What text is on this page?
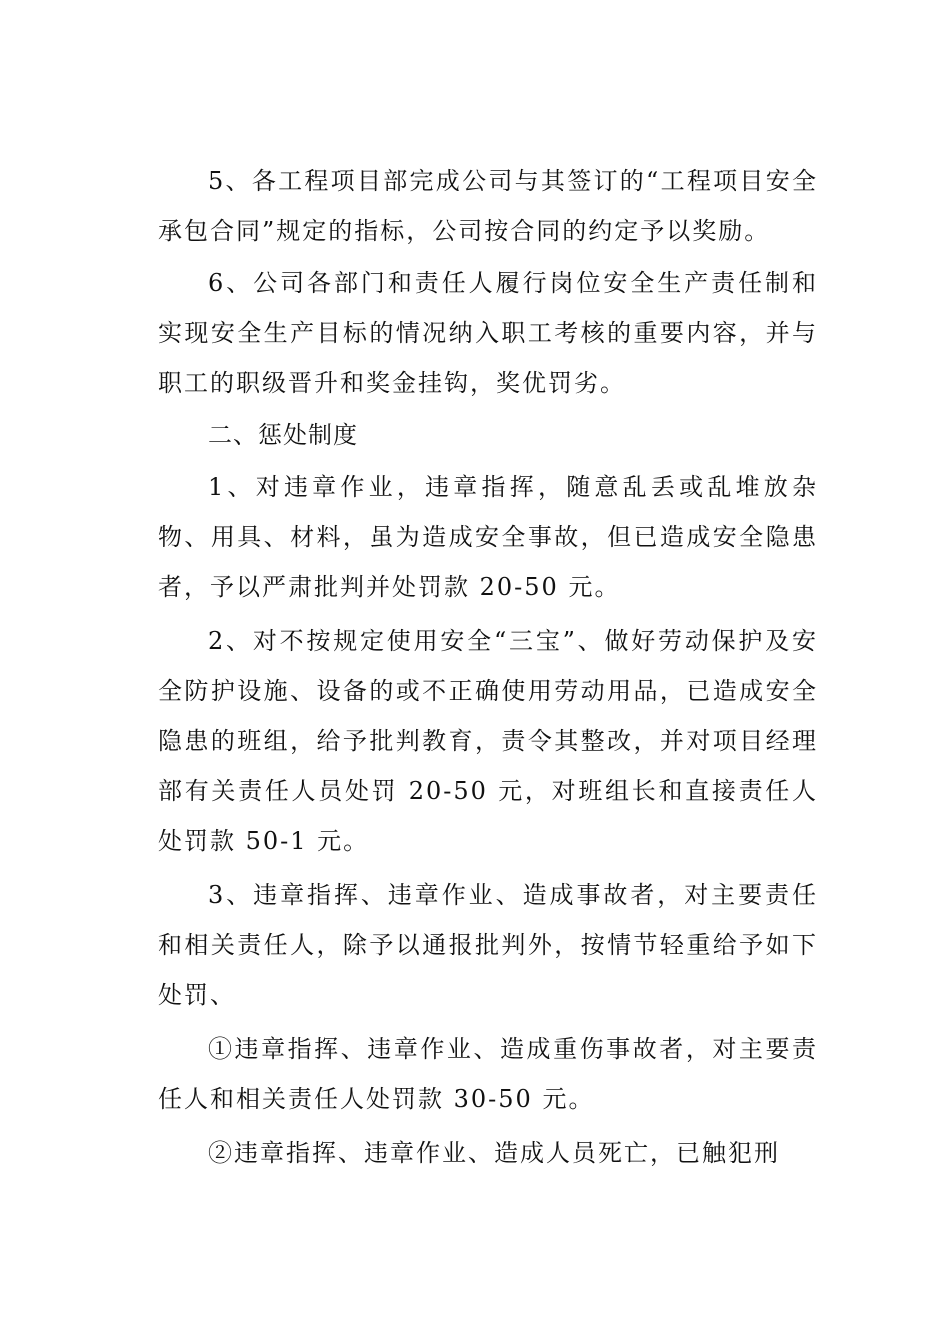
5、各工程项目部完成公司与其签订的“工程项目安全承包合同”规定的指标，公司按合同的约定予以奖励。

6、公司各部门和责任人履行岗位安全生产责任制和实现安全生产目标的情况纳入职工考核的重要内容，并与职工的职级晋升和奖金挂钩，奖优罚劣。

二、惩处制度

1、对违章作业，违章指挥，随意乱丢或乱堆放杂物、用具、材料，虽为造成安全事故，但已造成安全隐患者，予以严肃批判并处罚款 20-50 元。

2、对不按规定使用安全“三宝”、做好劳动保护及安全防护设施、设备的或不正确使用劳动用品，已造成安全隐患的班组，给予批判教育，责令其整改，并对项目经理部有关责任人员处罚 20-50 元，对班组长和直接责任人处罚款 50-1 元。

3、违章指挥、违章作业、造成事故者，对主要责任和相关责任人，除予以通报批判外，按情节轻重给予如下处罚、

①违章指挥、违章作业、造成重伤事故者，对主要责任人和相关责任人处罚款 30-50 元。

②违章指挥、违章作业、造成人员死亡，已触犯刑
